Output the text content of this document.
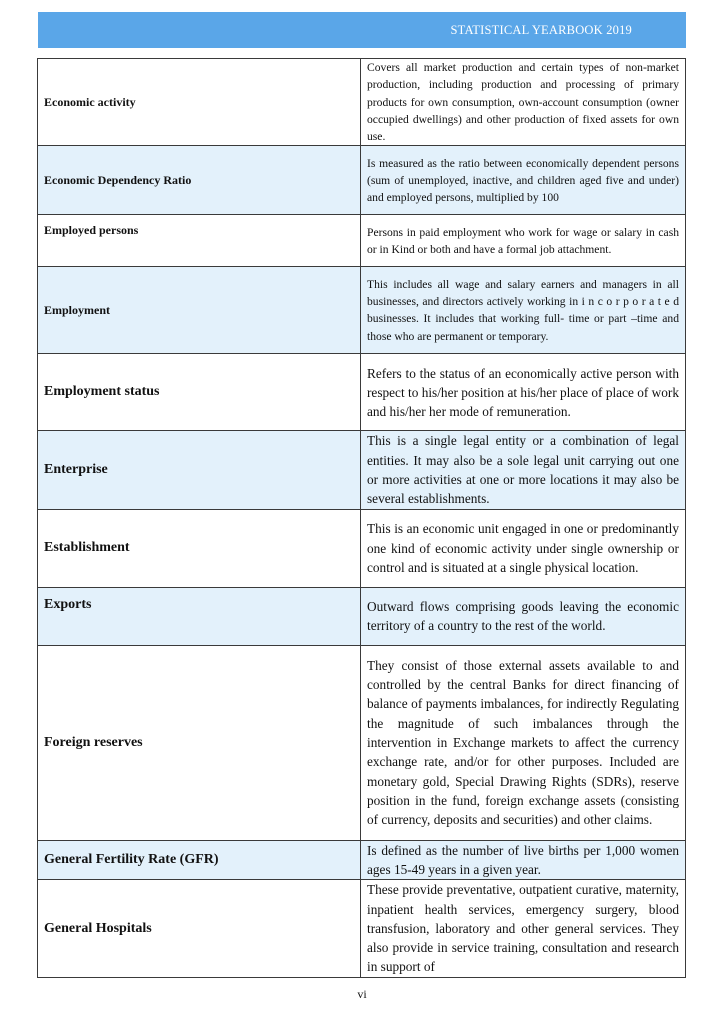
STATISTICAL YEARBOOK 2019
Economic activity	Covers all market production and certain types of non-market production, including production and processing of primary products for own consumption, own-account consumption (owner occupied dwellings) and other production of fixed assets for own use.
Economic Dependency Ratio	Is measured as the ratio between economically dependent persons (sum of unemployed, inactive, and children aged five and under) and employed persons, multiplied by 100
Employed persons	Persons in paid employment who work for wage or salary in cash or in Kind or both and have a formal job attachment.
Employment	This includes all wage and salary earners and managers in all businesses, and directors actively working in i n c o r p o r a t e d businesses. It includes that working full- time or part –time and those who are permanent or temporary.
Employment status	Refers to the status of an economically active person with respect to his/her position at his/her place of place of work and his/her her mode of remuneration.
Enterprise	This is a single legal entity or a combination of legal entities. It may also be a sole legal unit carrying out one or more activities at one or more locations it may also be several establishments.
Establishment	This is an economic unit engaged in one or predominantly one kind of economic activity under single ownership or control and is situated at a single physical location.
Exports	Outward flows comprising goods leaving the economic territory of a country to the rest of the world.
Foreign reserves	They consist of those external assets available to and controlled by the central Banks for direct financing of balance of payments imbalances, for indirectly Regulating the magnitude of such imbalances through the intervention in Exchange markets to affect the currency exchange rate, and/or for other purposes. Included are monetary gold, Special Drawing Rights (SDRs), reserve position in the fund, foreign exchange assets (consisting of currency, deposits and securities) and other claims.
General Fertility Rate (GFR)	Is defined as the number of live births per 1,000 women ages 15-49 years in a given year.
General Hospitals	These provide preventative, outpatient curative, maternity, inpatient health services, emergency surgery, blood transfusion, laboratory and other general services. They also provide in service training, consultation and research in support of
vi
